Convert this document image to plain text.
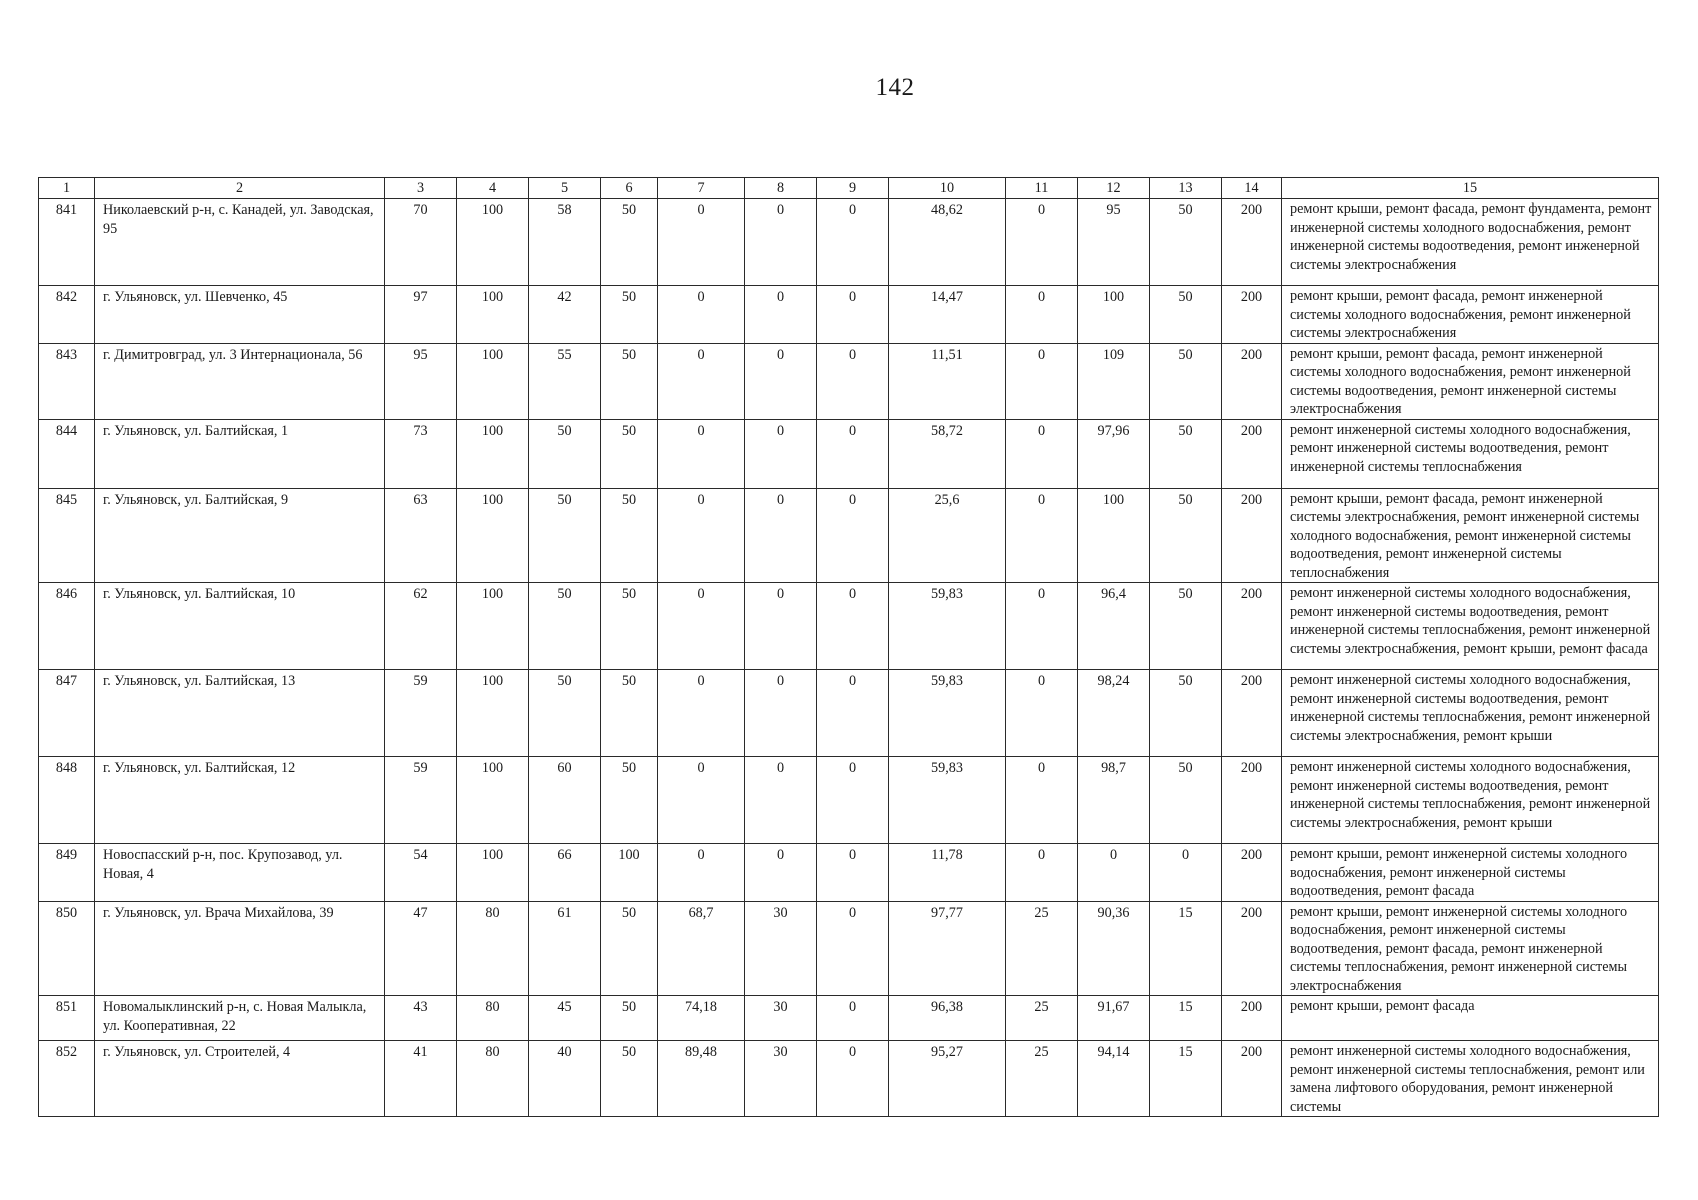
142
1	2	3	4	5	6	7	8	9	10	11	12	13	14	15
841	Николаевский р-н, с. Канадей, ул. Заводская, 95	70	100	58	50	0	0	0	48,62	0	95	50	200	ремонт крыши, ремонт фасада, ремонт фундамента, ремонт инженерной системы холодного водоснабжения, ремонт инженерной системы водоотведения, ремонт инженерной системы электроснабжения
842	г. Ульяновск, ул. Шевченко, 45	97	100	42	50	0	0	0	14,47	0	100	50	200	ремонт крыши, ремонт фасада, ремонт инженерной системы холодного водоснабжения, ремонт инженерной системы электроснабжения
843	г. Димитровград, ул. 3 Интернационала, 56	95	100	55	50	0	0	0	11,51	0	109	50	200	ремонт крыши, ремонт фасада, ремонт инженерной системы холодного водоснабжения, ремонт инженерной системы водоотведения, ремонт инженерной системы электроснабжения
844	г. Ульяновск, ул. Балтийская, 1	73	100	50	50	0	0	0	58,72	0	97,96	50	200	ремонт инженерной системы холодного водоснабжения, ремонт инженерной системы водоотведения, ремонт инженерной системы теплоснабжения
845	г. Ульяновск, ул. Балтийская, 9	63	100	50	50	0	0	0	25,6	0	100	50	200	ремонт крыши, ремонт фасада, ремонт инженерной системы электроснабжения, ремонт инженерной системы холодного водоснабжения, ремонт инженерной системы водоотведения, ремонт инженерной системы теплоснабжения
846	г. Ульяновск, ул. Балтийская, 10	62	100	50	50	0	0	0	59,83	0	96,4	50	200	ремонт инженерной системы холодного водоснабжения, ремонт инженерной системы водоотведения, ремонт инженерной системы теплоснабжения, ремонт инженерной системы электроснабжения, ремонт крыши, ремонт фасада
847	г. Ульяновск, ул. Балтийская, 13	59	100	50	50	0	0	0	59,83	0	98,24	50	200	ремонт инженерной системы холодного водоснабжения, ремонт инженерной системы водоотведения, ремонт инженерной системы теплоснабжения, ремонт инженерной системы электроснабжения, ремонт крыши
848	г. Ульяновск, ул. Балтийская, 12	59	100	60	50	0	0	0	59,83	0	98,7	50	200	ремонт инженерной системы холодного водоснабжения, ремонт инженерной системы водоотведения, ремонт инженерной системы теплоснабжения, ремонт инженерной системы электроснабжения, ремонт крыши
849	Новоспасский р-н, пос. Крупозавод, ул. Новая, 4	54	100	66	100	0	0	0	11,78	0	0	0	200	ремонт крыши, ремонт инженерной системы холодного водоснабжения, ремонт инженерной системы водоотведения, ремонт фасада
850	г. Ульяновск, ул. Врача Михайлова, 39	47	80	61	50	68,7	30	0	97,77	25	90,36	15	200	ремонт крыши, ремонт инженерной системы холодного водоснабжения, ремонт инженерной системы водоотведения, ремонт фасада, ремонт инженерной системы теплоснабжения, ремонт инженерной системы электроснабжения
851	Новомалыклинский р-н, с. Новая Малыкла, ул. Кооперативная, 22	43	80	45	50	74,18	30	0	96,38	25	91,67	15	200	ремонт крыши, ремонт фасада
852	г. Ульяновск, ул. Строителей, 4	41	80	40	50	89,48	30	0	95,27	25	94,14	15	200	ремонт инженерной системы холодного водоснабжения, ремонт инженерной системы теплоснабжения, ремонт или замена лифтового оборудования, ремонт инженерной системы
